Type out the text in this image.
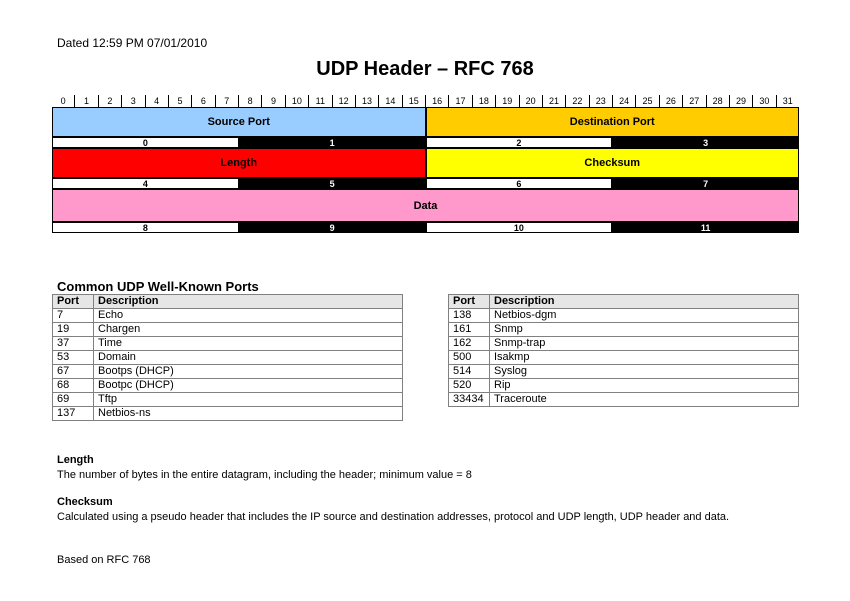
Dated 12:59 PM 07/01/2010
UDP Header – RFC 768
0	1	2	3	4	5	6	7	8	9	10	11	12	13	14	15	16	17	18	19	20	21	22	23	24	25	26	27	28	29	30	31
Source Port	Destination Port
0	1	2	3
Length	Checksum
4	5	6	7
Data
8	9	10	11
Common UDP Well-Known Ports
Port	Description
7	Echo
19	Chargen
37	Time
53	Domain
67	Bootps (DHCP)
68	Bootpc (DHCP)
69	Tftp
137	Netbios-ns
Port	Description
138	Netbios-dgm
161	Snmp
162	Snmp-trap
500	Isakmp
514	Syslog
520	Rip
33434	Traceroute
Length
The number of bytes in the entire datagram, including the header; minimum value = 8
Checksum
Calculated using a pseudo header that includes the IP source and destination addresses, protocol and UDP length, UDP header and data.
Based on RFC 768
